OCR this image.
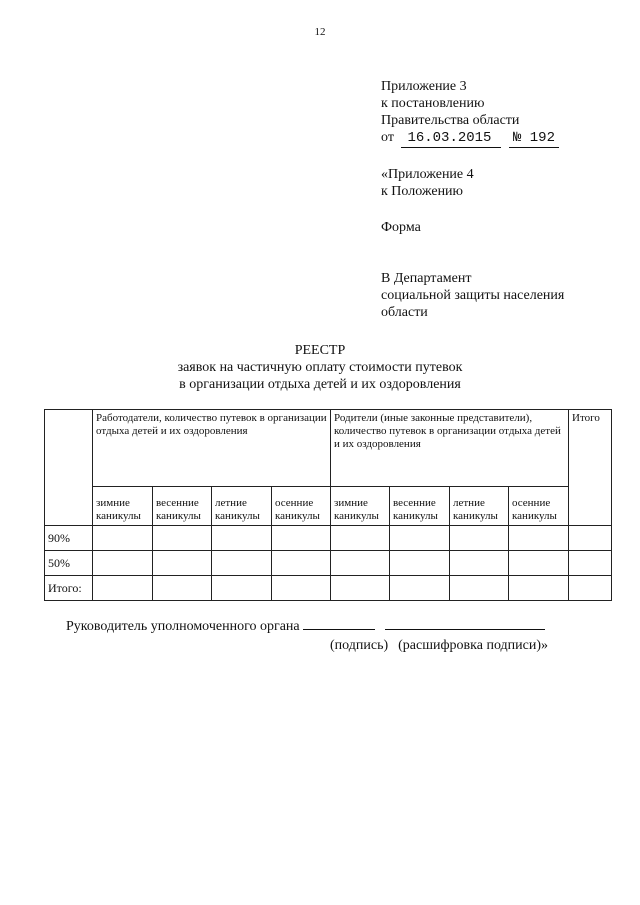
12
Приложение 3
к постановлению
Правительства области
от 16.03.2015 № 192
«Приложение 4
к Положению
Форма
В Департамент
социальной защиты населения
области
РЕЕСТР
заявок на частичную оплату стоимости путевок
в организации отдыха детей и их оздоровления
	Работодатели, количество путевок в организации отдыха детей и их оздоровления				Родители (иные законные представители), количество путевок в организации отдыха детей и их оздоровления				Итого
	зимние каникулы	весенние каникулы	летние каникулы	осенние каникулы	зимние каникулы	весенние каникулы	летние каникулы	осенние каникулы	
90%									
50%									
Итого:									
Руководитель уполномоченного органа
(подпись) (расшифровка подписи)»
